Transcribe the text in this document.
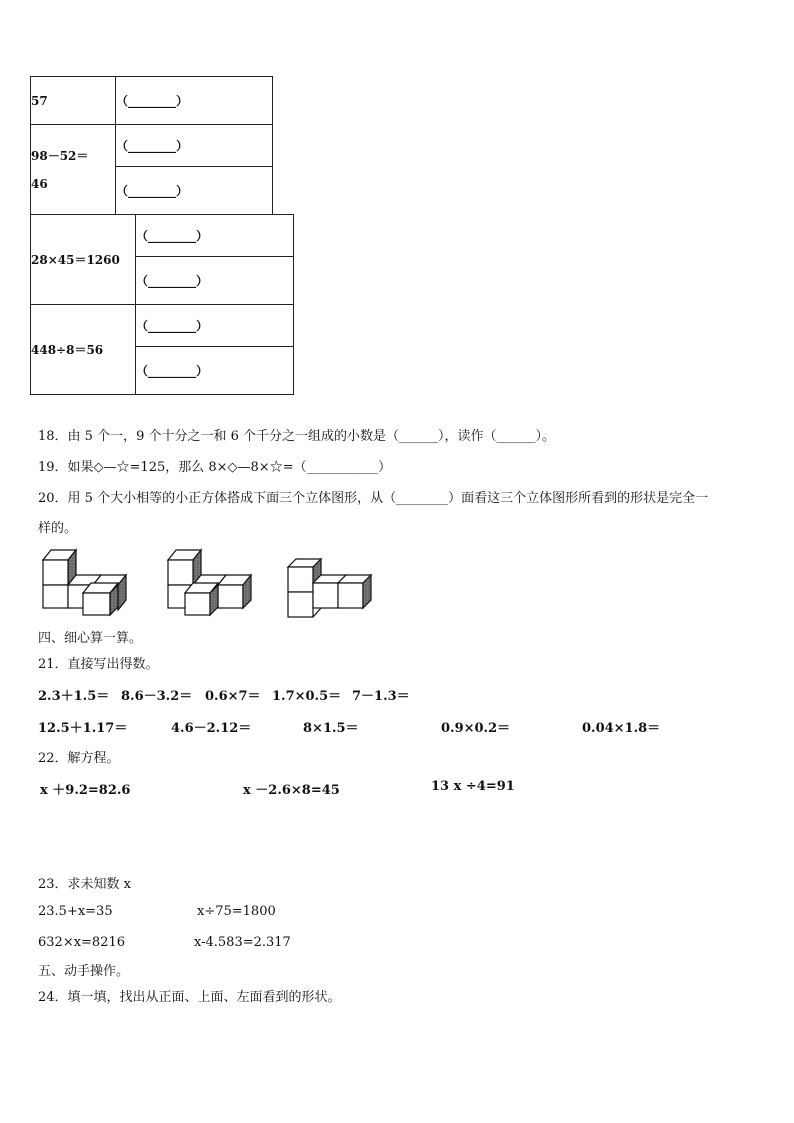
57	（________）

98－52＝
46	（________）
	（________）
28×45＝1260	（________）
	（________）
448÷8＝56	（________）
	（________）
18．由 5 个一，9 个十分之一和 6 个千分之一组成的小数是（______），读作（______）。
19．如果◇—☆=125，那么 8×◇—8×☆=（___________）
20．用 5 个大小相等的小正方体搭成下面三个立体图形，从（________）面看这三个立体图形所看到的形状是完全一
样的。
四、细心算一算。
21．直接写出得数。
2.3＋1.5＝ 8.6－3.2＝ 0.6×7＝ 1.7×0.5＝ 7－1.3＝
12.5＋1.17＝	4.6－2.12＝	8×1.5＝	0.9×0.2＝	0.04×1.8＝
22．解方程。
x ＋9.2=82.6	x －2.6×8=45	13 x ÷4=91
23．求未知数 x
23.5+x=35	x÷75=1800
632×x=8216	x-4.583=2.317
五、动手操作。
24．填一填，找出从正面、上面、左面看到的形状。
